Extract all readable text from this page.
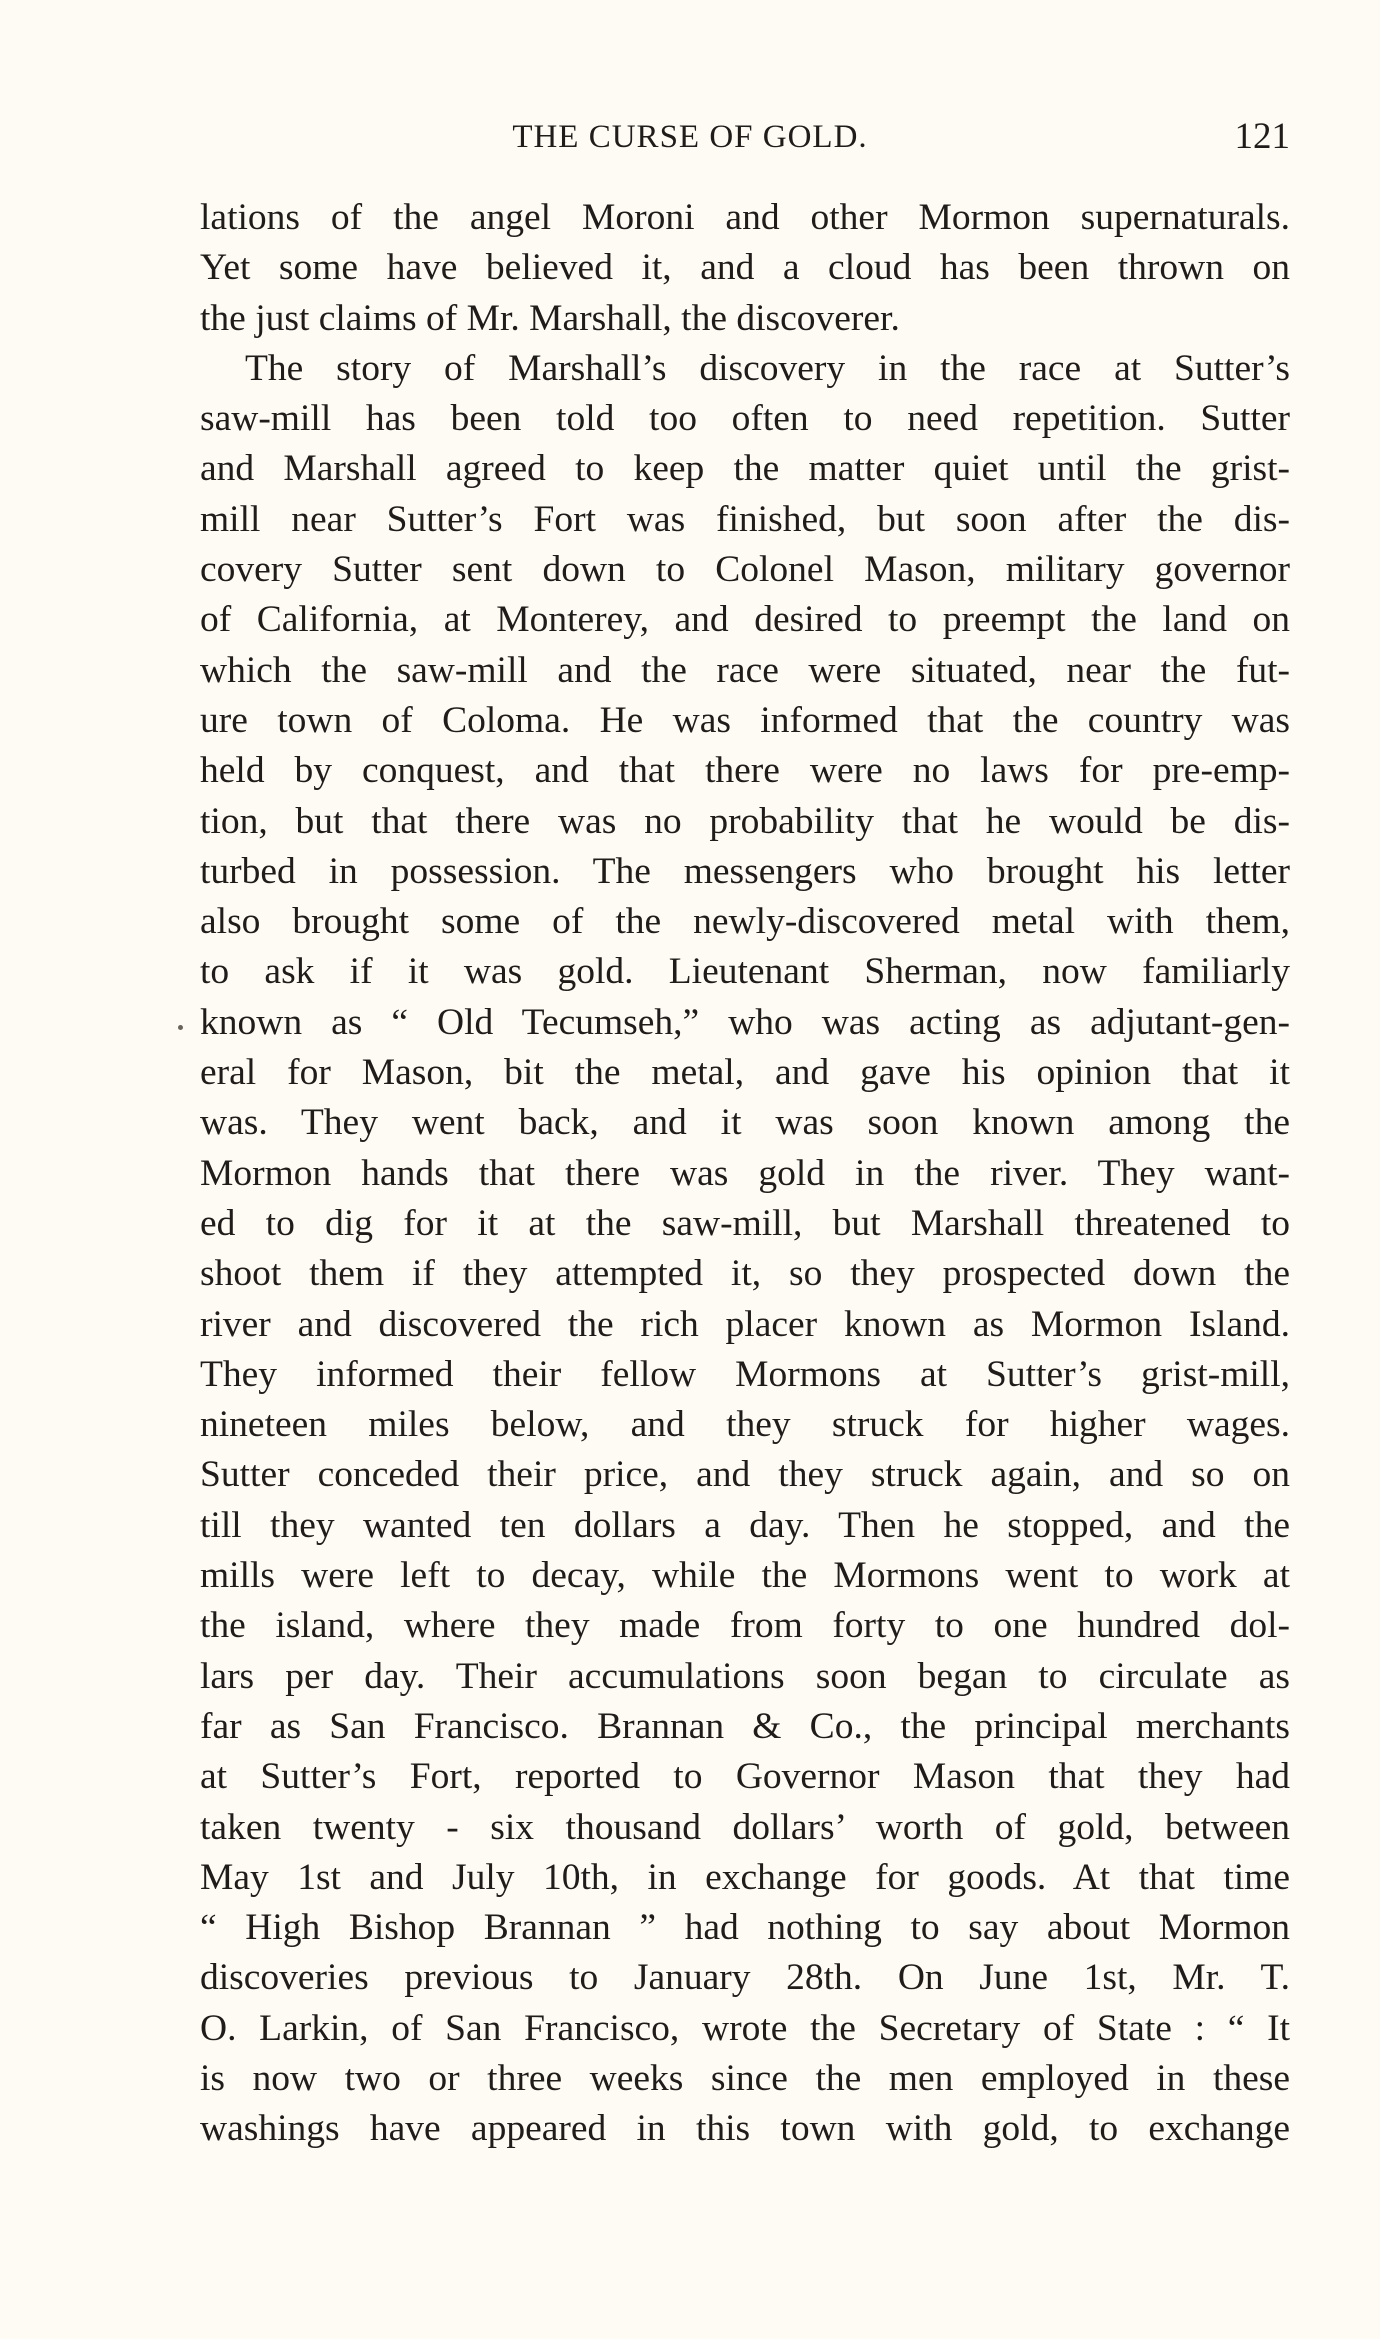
THE CURSE OF GOLD.	121
lations of the angel Moroni and other Mormon supernaturals.
Yet some have believed it, and a cloud has been thrown on
the just claims of Mr. Marshall, the discoverer.
The story of Marshall’s discovery in the race at Sutter’s
saw-mill has been told too often to need repetition. Sutter
and Marshall agreed to keep the matter quiet until the grist-
mill near Sutter’s Fort was finished, but soon after the dis-
covery Sutter sent down to Colonel Mason, military governor
of California, at Monterey, and desired to preempt the land on
which the saw-mill and the race were situated, near the fut-
ure town of Coloma. He was informed that the country was
held by conquest, and that there were no laws for pre-emp-
tion, but that there was no probability that he would be dis-
turbed in possession. The messengers who brought his letter
also brought some of the newly-discovered metal with them,
to ask if it was gold. Lieutenant Sherman, now familiarly
known as “ Old Tecumseh,” who was acting as adjutant-gen-
eral for Mason, bit the metal, and gave his opinion that it
was. They went back, and it was soon known among the
Mormon hands that there was gold in the river. They want-
ed to dig for it at the saw-mill, but Marshall threatened to
shoot them if they attempted it, so they prospected down the
river and discovered the rich placer known as Mormon Island.
They informed their fellow Mormons at Sutter’s grist-mill,
nineteen miles below, and they struck for higher wages.
Sutter conceded their price, and they struck again, and so on
till they wanted ten dollars a day. Then he stopped, and the
mills were left to decay, while the Mormons went to work at
the island, where they made from forty to one hundred dol-
lars per day. Their accumulations soon began to circulate as
far as San Francisco. Brannan & Co., the principal merchants
at Sutter’s Fort, reported to Governor Mason that they had
taken twenty - six thousand dollars’ worth of gold, between
May 1st and July 10th, in exchange for goods. At that time
“ High Bishop Brannan ” had nothing to say about Mormon
discoveries previous to January 28th. On June 1st, Mr. T.
O. Larkin, of San Francisco, wrote the Secretary of State : “ It
is now two or three weeks since the men employed in these
washings have appeared in this town with gold, to exchange
